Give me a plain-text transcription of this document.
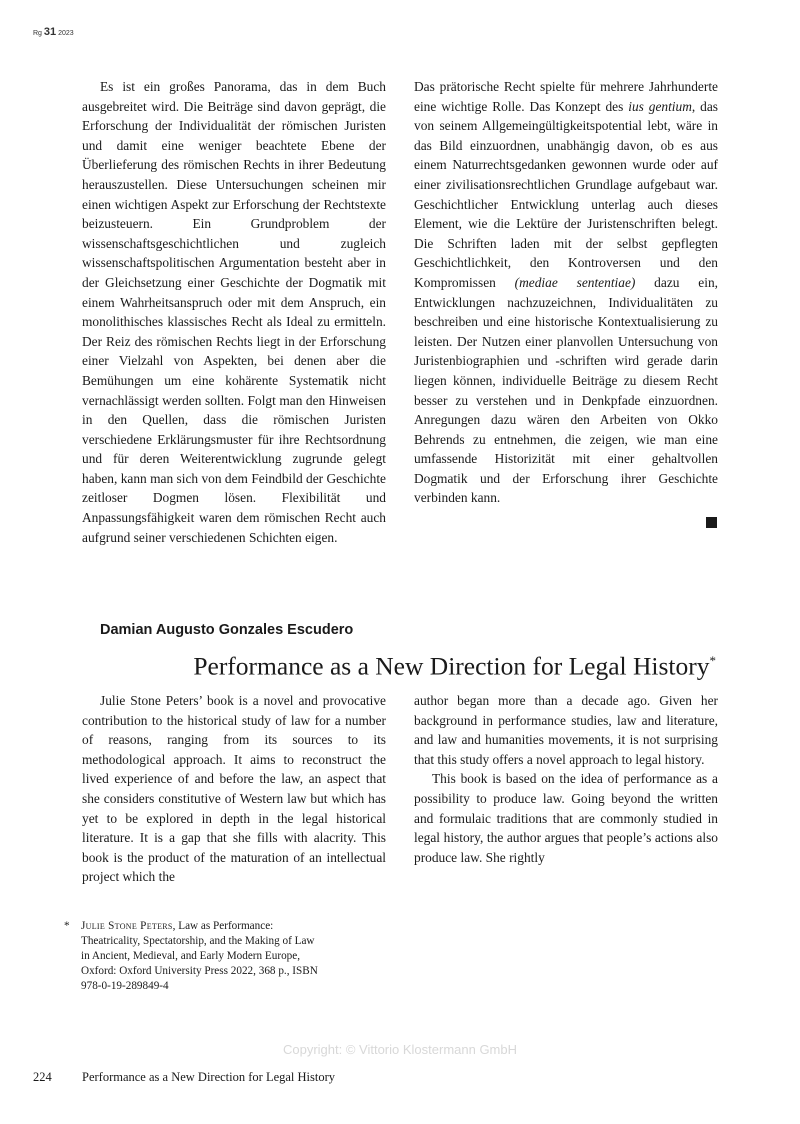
Rg 31 2023

Es ist ein großes Panorama, das in dem Buch ausgebreitet wird. Die Beiträge sind davon geprägt, die Erforschung der Individualität der römischen Juristen und damit eine weniger beachtete Ebene der Überlieferung des römischen Rechts in ihrer Bedeutung herauszustellen. Diese Untersuchungen scheinen mir einen wichtigen Aspekt zur Erforschung der Rechtstexte beizusteuern. Ein Grundproblem der wissenschaftsgeschichtlichen und zugleich wissenschaftspolitischen Argumentation besteht aber in der Gleichsetzung einer Geschichte der Dogmatik mit einem Wahrheitsanspruch oder mit dem Anspruch, ein monolithisches klassisches Recht als Ideal zu ermitteln. Der Reiz des römischen Rechts liegt in der Erforschung einer Vielzahl von Aspekten, bei denen aber die Bemühungen um eine kohärente Systematik nicht vernachlässigt werden sollten. Folgt man den Hinweisen in den Quellen, dass die römischen Juristen verschiedene Erklärungsmuster für ihre Rechtsordnung und für deren Weiterentwicklung zugrunde gelegt haben, kann man sich von dem Feindbild der Geschichte zeitloser Dogmen lösen. Flexibilität und Anpassungsfähigkeit waren dem römischen Recht auch aufgrund seiner verschiedenen Schichten eigen.

Das prätorische Recht spielte für mehrere Jahrhunderte eine wichtige Rolle. Das Konzept des ius gentium, das von seinem Allgemeingültigkeitspotential lebt, wäre in das Bild einzuordnen, unabhängig davon, ob es aus einem Naturrechtsgedanken gewonnen wurde oder auf einer zivilisationsrechtlichen Grundlage aufgebaut war. Geschichtlicher Entwicklung unterlag auch dieses Element, wie die Lektüre der Juristenschriften belegt. Die Schriften laden mit der selbst gepflegten Geschichtlichkeit, den Kontroversen und den Kompromissen (mediae sententiae) dazu ein, Entwicklungen nachzuzeichnen, Individualitäten zu beschreiben und eine historische Kontextualisierung zu leisten. Der Nutzen einer planvollen Untersuchung von Juristenbiographien und -schriften wird gerade darin liegen können, individuelle Beiträge zu diesem Recht besser zu verstehen und in Denkpfade einzuordnen. Anregungen dazu wären den Arbeiten von Okko Behrends zu entnehmen, die zeigen, wie man eine umfassende Historizität mit einer gehaltvollen Dogmatik und der Erforschung ihrer Geschichte verbinden kann.

Damian Augusto Gonzales Escudero
Performance as a New Direction for Legal History*

Julie Stone Peters’ book is a novel and provocative contribution to the historical study of law for a number of reasons, ranging from its sources to its methodological approach. It aims to reconstruct the lived experience of and before the law, an aspect that she considers constitutive of Western law but which has yet to be explored in depth in the legal historical literature. It is a gap that she fills with alacrity. This book is the product of the maturation of an intellectual project which the

author began more than a decade ago. Given her background in performance studies, law and literature, and law and humanities movements, it is not surprising that this study offers a novel approach to legal history.

This book is based on the idea of performance as a possibility to produce law. Going beyond the written and formulaic traditions that are commonly studied in legal history, the author argues that people’s actions also produce law. She rightly

* Julie Stone Peters, Law as Performance: Theatricality, Spectatorship, and the Making of Law in Ancient, Medieval, and Early Modern Europe, Oxford: Oxford University Press 2022, 368 p., ISBN 978-0-19-289849-4
Copyright: © Vittorio Klostermann GmbH
224 Performance as a New Direction for Legal History
